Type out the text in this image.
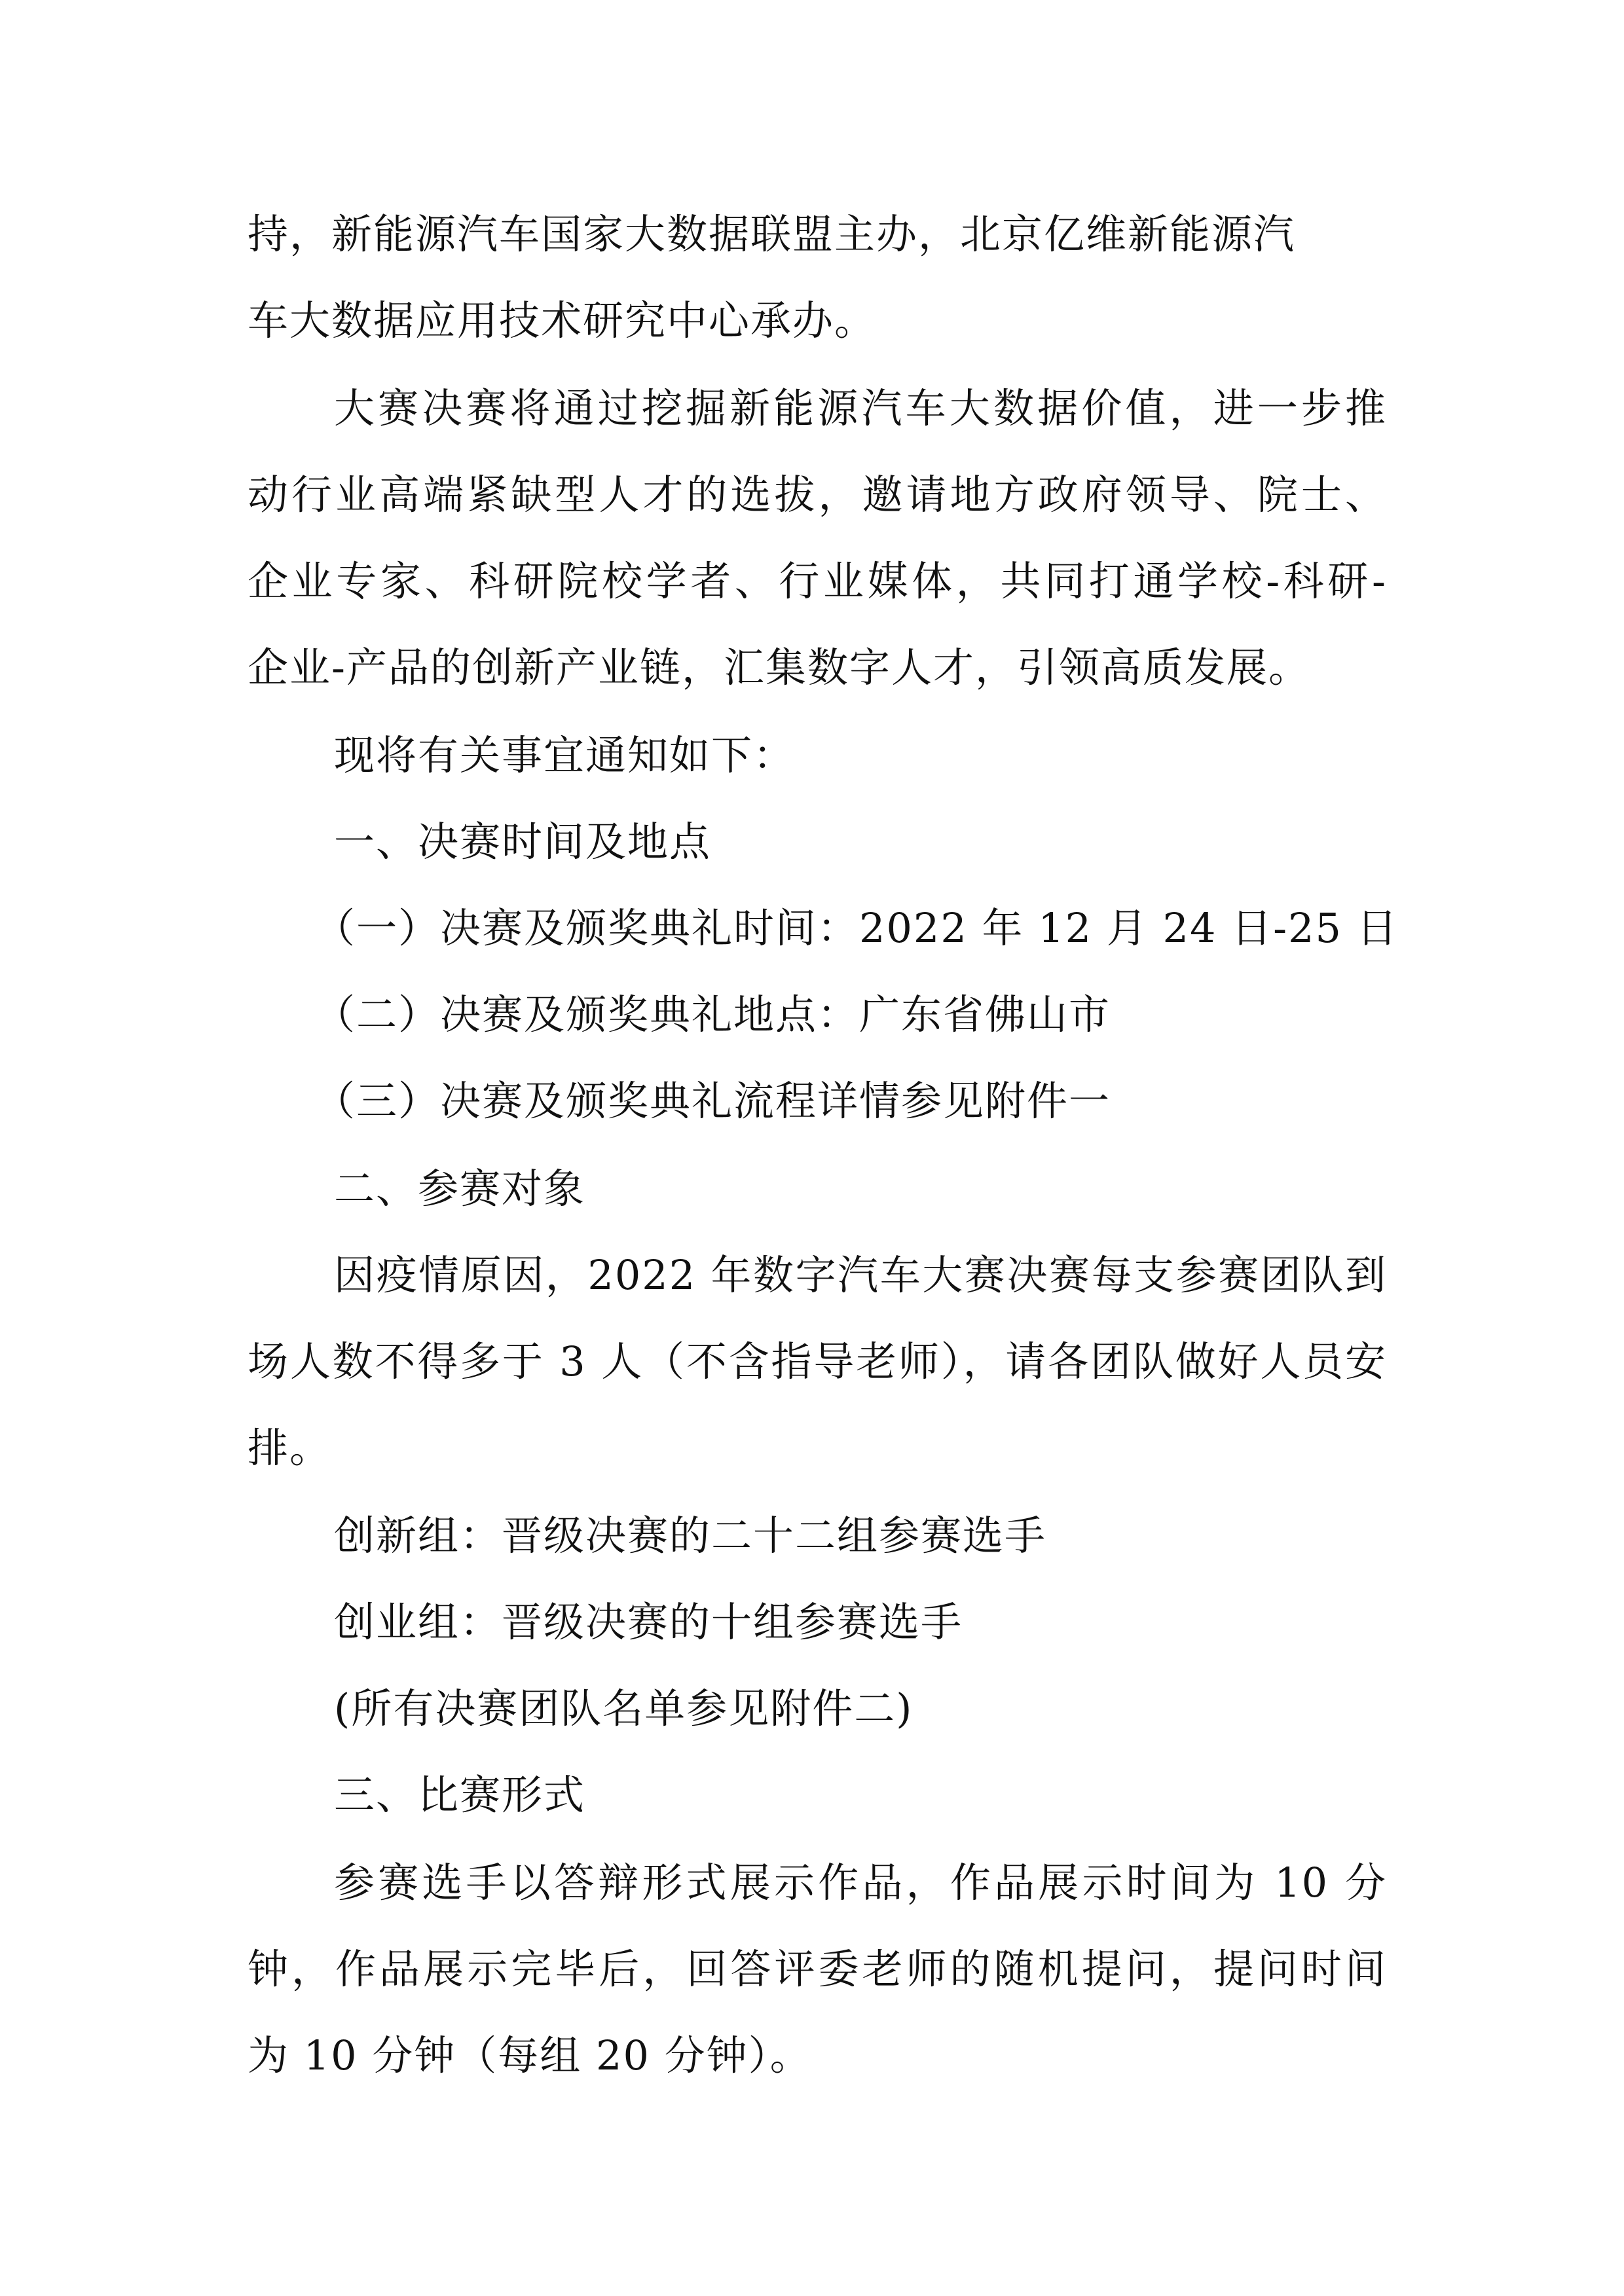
持，新能源汽车国家大数据联盟主办，北京亿维新能源汽
车大数据应用技术研究中心承办。
大赛决赛将通过挖掘新能源汽车大数据价值，进一步推
动行业高端紧缺型人才的选拔，邀请地方政府领导、院士、
企业专家、科研院校学者、行业媒体，共同打通学校-科研-
企业-产品的创新产业链，汇集数字人才，引领高质发展。
现将有关事宜通知如下：
一、决赛时间及地点
（一）决赛及颁奖典礼时间：2022 年 12 月 24 日-25 日
（二）决赛及颁奖典礼地点：广东省佛山市
（三）决赛及颁奖典礼流程详情参见附件一
二、参赛对象
因疫情原因，2022 年数字汽车大赛决赛每支参赛团队到
场人数不得多于 3 人（不含指导老师），请各团队做好人员安
排。
创新组：晋级决赛的二十二组参赛选手
创业组：晋级决赛的十组参赛选手
(所有决赛团队名单参见附件二)
三、比赛形式
参赛选手以答辩形式展示作品，作品展示时间为 10 分
钟，作品展示完毕后，回答评委老师的随机提问，提问时间
为 10 分钟（每组 20 分钟）。
